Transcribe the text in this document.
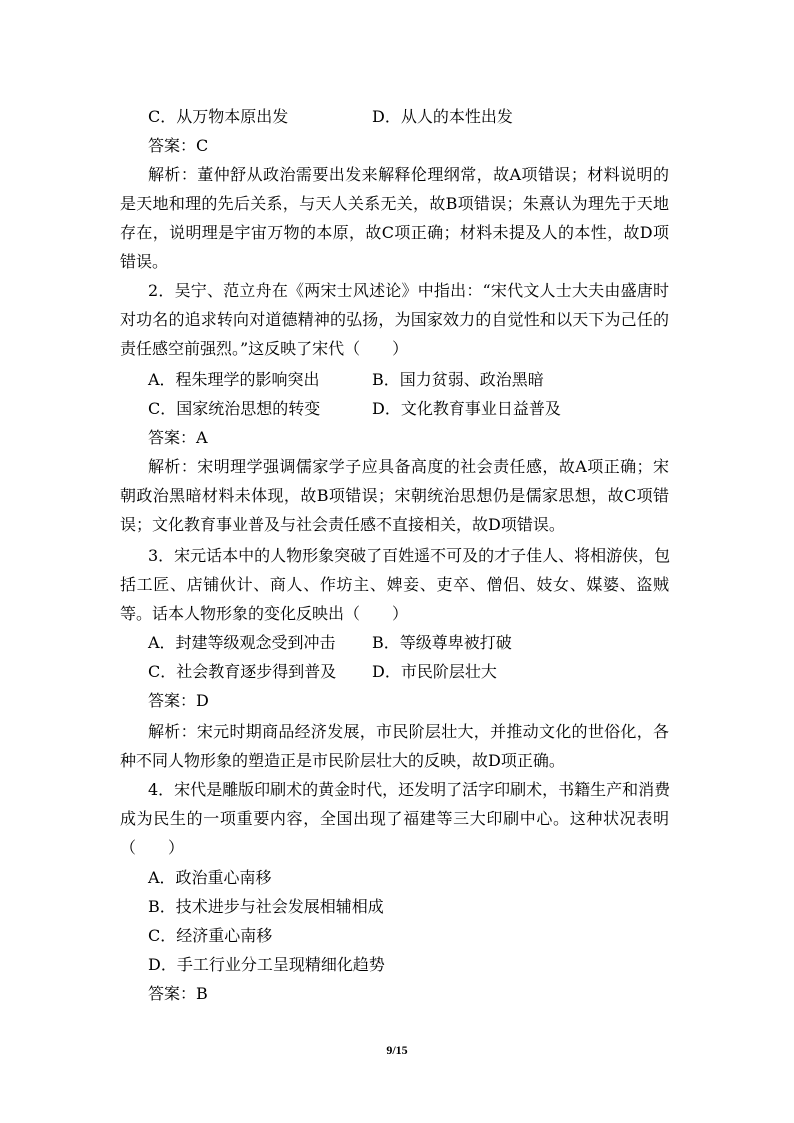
C．从万物本原出发	D．从人的本性出发
答案：C
解析：董仲舒从政治需要出发来解释伦理纲常，故A项错误；材料说明的
是天地和理的先后关系，与天人关系无关，故B项错误；朱熹认为理先于天地
存在，说明理是宇宙万物的本原，故C项正确；材料未提及人的本性，故D项
错误。
2．吴宁、范立舟在《两宋士风述论》中指出：“宋代文人士大夫由盛唐时
对功名的追求转向对道德精神的弘扬，为国家效力的自觉性和以天下为己任的
责任感空前强烈。”这反映了宋代（　　）
A．程朱理学的影响突出	B．国力贫弱、政治黑暗
C．国家统治思想的转变	D．文化教育事业日益普及
答案：A
解析：宋明理学强调儒家学子应具备高度的社会责任感，故A项正确；宋
朝政治黑暗材料未体现，故B项错误；宋朝统治思想仍是儒家思想，故C项错
误；文化教育事业普及与社会责任感不直接相关，故D项错误。
3．宋元话本中的人物形象突破了百姓遥不可及的才子佳人、将相游侠，包
括工匠、店铺伙计、商人、作坊主、婢妾、吏卒、僧侣、妓女、媒婆、盗贼
等。话本人物形象的变化反映出（　　）
A．封建等级观念受到冲击 B．等级尊卑被打破
C．社会教育逐步得到普及 D．市民阶层壮大
答案：D
解析：宋元时期商品经济发展，市民阶层壮大，并推动文化的世俗化，各
种不同人物形象的塑造正是市民阶层壮大的反映，故D项正确。
4．宋代是雕版印刷术的黄金时代，还发明了活字印刷术，书籍生产和消费
成为民生的一项重要内容，全国出现了福建等三大印刷中心。这种状况表明
（　　）
A．政治重心南移
B．技术进步与社会发展相辅相成
C．经济重心南移
D．手工行业分工呈现精细化趋势
答案：B
9/15
